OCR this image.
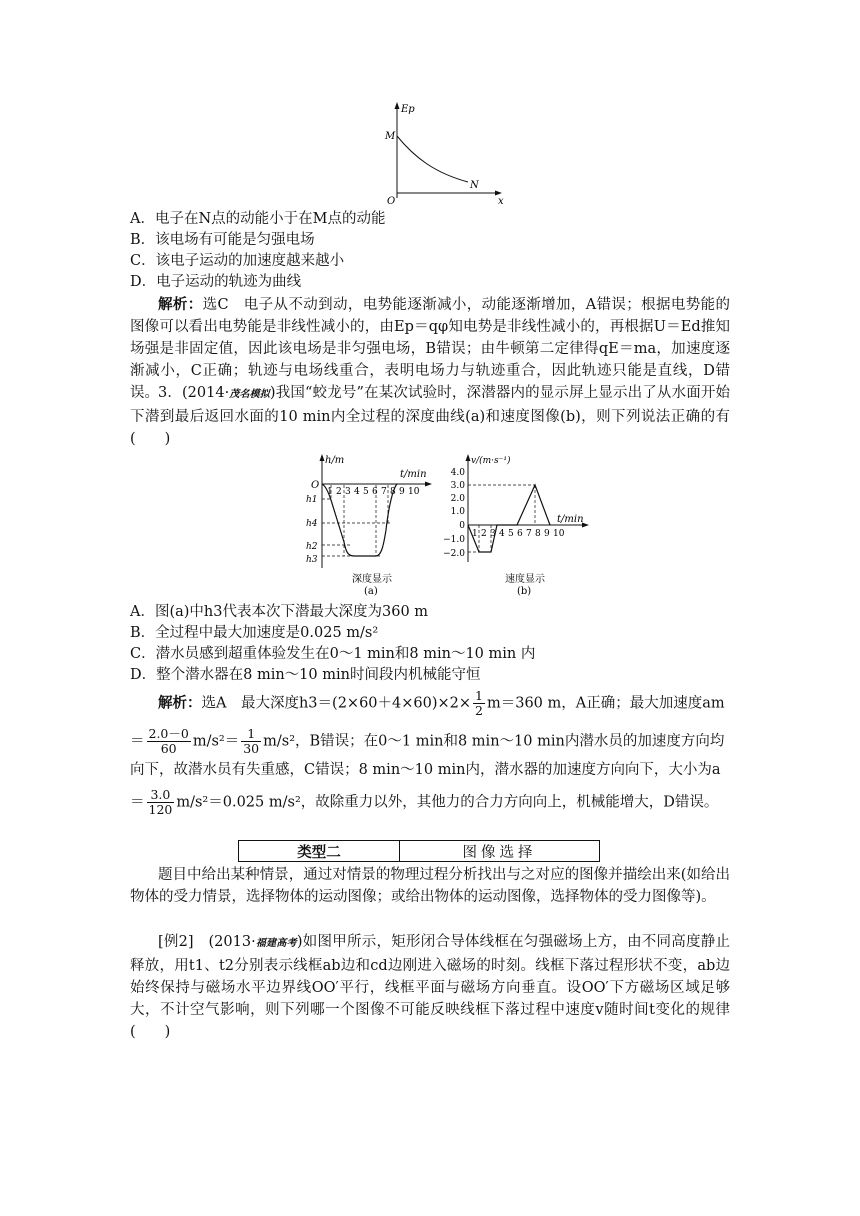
Ep
x
O
M
N
A．电子在N点的动能小于在M点的动能
B．该电场有可能是匀强电场
C．该电子运动的加速度越来越小
D．电子运动的轨迹为曲线
解析：选C　电子从不动到动，电势能逐渐减小，动能逐渐增加，A错误；根据电势能的图像可以看出电势能是非线性减小的，由Ep＝qφ知电势是非线性减小的，再根据U＝Ed推知场强是非固定值，因此该电场是非匀强电场，B错误；由牛顿第二定律得qE＝ma，加速度逐渐减小，C正确；轨迹与电场线重合，表明电场力与轨迹重合，因此轨迹只能是直线，D错误。 3．(2014·茂名模拟)我国“蛟龙号”在某次试验时，深潜器内的显示屏上显示出了从水面开始下潜到最后返回水面的10 min内全过程的深度曲线(a)和速度图像(b)，则下列说法正确的有(　　)
h/m
t/min
O
1 2 3 4 5 6 7 8 9 10
h1
h4
h2
h3
深度显示
(a)
v/(m·s⁻¹)
t/min
4.0
3.0
2.0
1.0
0
−1.0
−2.0
1 2 3 4 5 6 7 8 9 10
速度显示
(b)
A．图(a)中h3代表本次下潜最大深度为360 m
B．全过程中最大加速度是0.025 m/s²
C．潜水员感到超重体验发生在0～1 min和8 min～10 min 内
D．整个潜水器在8 min～10 min时间段内机械能守恒
解析：选A　最大深度$h3=(2\times 60+4\times 60)\times 2\times \frac{1}{2} m=360$ m，A正确；最大加速度am
＝ $\frac{2.0-0}{60} m/s^2= \frac{1}{30} m/s^2$，B错误；在0～1 min和8 min～10 min内潜水员的加速度方向均
向下，故潜水员有失重感，C错误；8 min～10 min内，潜水器的加速度方向向下，大小为a
＝ $\frac{3.0}{120} m/s^2=0.025$ m/s²，故除重力以外，其他力的合力方向向上，机械能增大，D错误。
类型二	图像选择
题目中给出某种情景，通过对情景的物理过程分析找出与之对应的图像并描绘出来(如给出物体的受力情景，选择物体的运动图像；或给出物体的运动图像，选择物体的受力图像等)。
[例2]　 (2013·福建高考)如图甲所示，矩形闭合导体线框在匀强磁场上方，由不同高度静止释放，用t1、t2分别表示线框ab边和cd边刚进入磁场的时刻。线框下落过程形状不变，ab边始终保持与磁场水平边界线OO′平行，线框平面与磁场方向垂直。设OO′下方磁场区域足够大，不计空气影响，则下列哪一个图像不可能反映线框下落过程中速度v随时间t变化的规律(　　)
